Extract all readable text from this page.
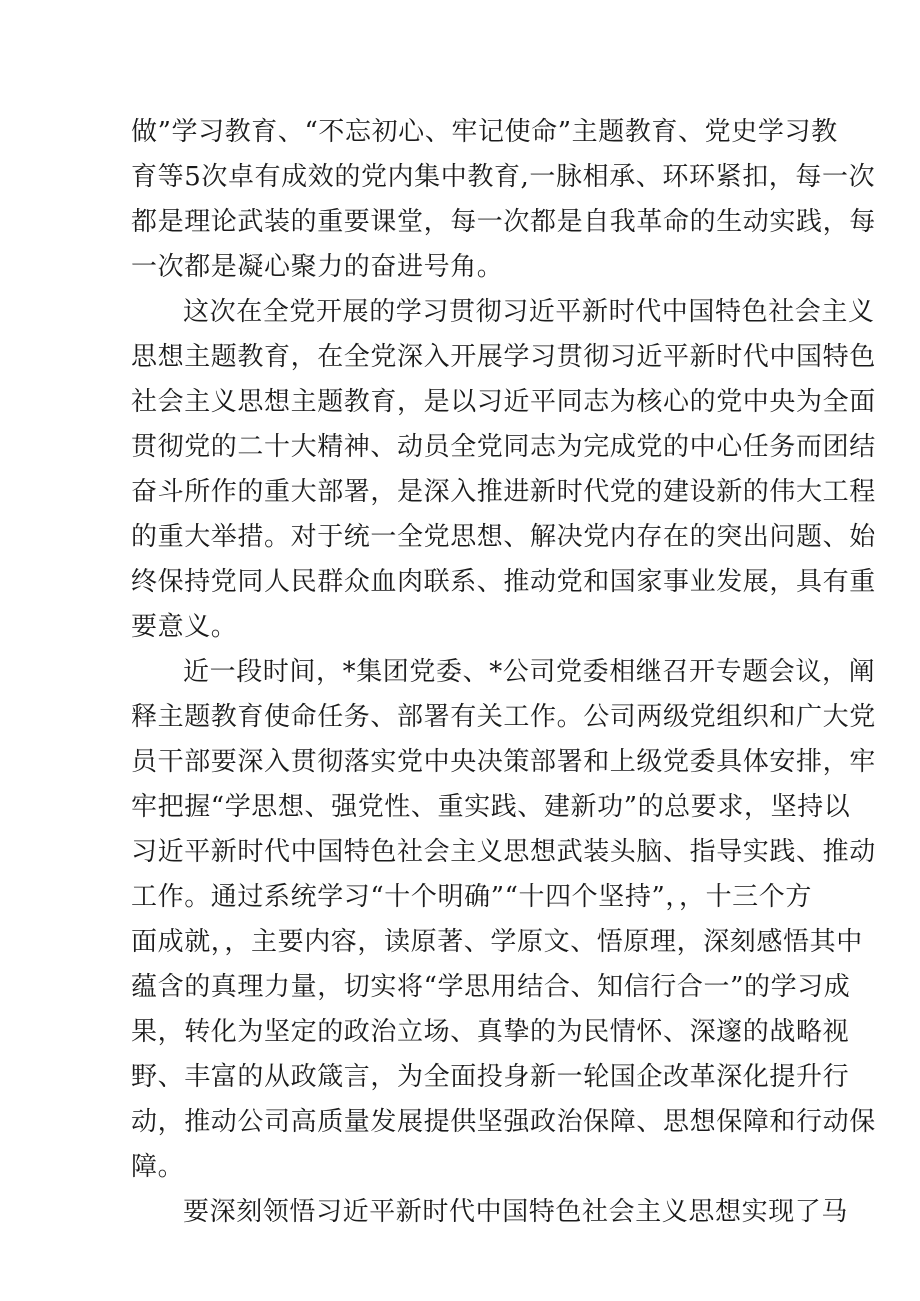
做”学习教育、“不忘初心、牢记使命”主题教育、党史学习教
育等5次卓有成效的党内集中教育,一脉相承、环环紧扣，每一次
都是理论武装的重要课堂，每一次都是自我革命的生动实践，每
一次都是凝心聚力的奋进号角。
这次在全党开展的学习贯彻习近平新时代中国特色社会主义
思想主题教育，在全党深入开展学习贯彻习近平新时代中国特色
社会主义思想主题教育，是以习近平同志为核心的党中央为全面
贯彻党的二十大精神、动员全党同志为完成党的中心任务而团结
奋斗所作的重大部署，是深入推进新时代党的建设新的伟大工程
的重大举措。对于统一全党思想、解决党内存在的突出问题、始
终保持党同人民群众血肉联系、推动党和国家事业发展，具有重
要意义。
近一段时间，*集团党委、*公司党委相继召开专题会议，阐
释主题教育使命任务、部署有关工作。公司两级党组织和广大党
员干部要深入贯彻落实党中央决策部署和上级党委具体安排，牢
牢把握“学思想、强党性、重实践、建新功”的总要求，坚持以
习近平新时代中国特色社会主义思想武装头脑、指导实践、推动
工作。通过系统学习“十个明确”“十四个坚持”，，十三个方
面成就，，主要内容，读原著、学原文、悟原理，深刻感悟其中
蕴含的真理力量，切实将“学思用结合、知信行合一”的学习成
果，转化为坚定的政治立场、真挚的为民情怀、深邃的战略视
野、丰富的从政箴言，为全面投身新一轮国企改革深化提升行
动，推动公司高质量发展提供坚强政治保障、思想保障和行动保
障。
要深刻领悟习近平新时代中国特色社会主义思想实现了马
